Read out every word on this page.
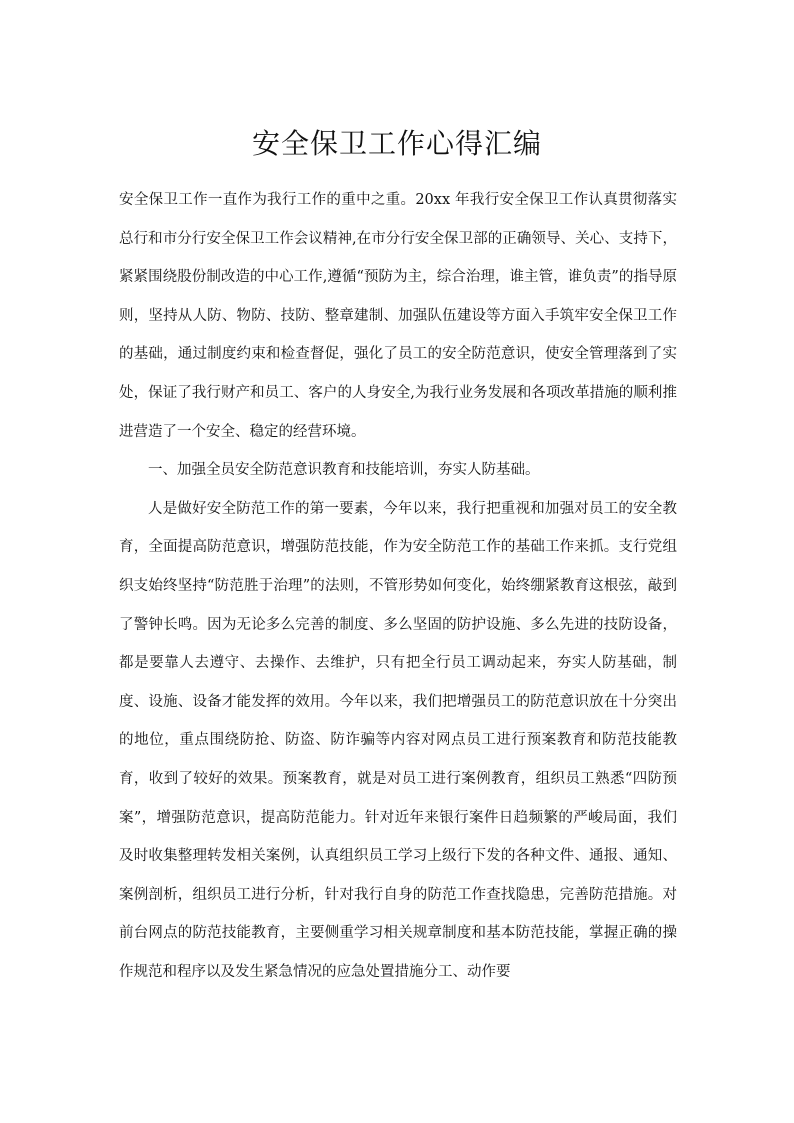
安全保卫工作心得汇编

安全保卫工作一直作为我行工作的重中之重。20xx 年我行安全保卫工作认真贯彻落实总行和市分行安全保卫工作会议精神,在市分行安全保卫部的正确领导、关心、支持下，紧紧围绕股份制改造的中心工作,遵循“预防为主，综合治理，谁主管，谁负责”的指导原则，坚持从人防、物防、技防、整章建制、加强队伍建设等方面入手筑牢安全保卫工作的基础，通过制度约束和检查督促，强化了员工的安全防范意识，使安全管理落到了实处，保证了我行财产和员工、客户的人身安全,为我行业务发展和各项改革措施的顺利推进营造了一个安全、稳定的经营环境。

一、加强全员安全防范意识教育和技能培训，夯实人防基础。

人是做好安全防范工作的第一要素，今年以来，我行把重视和加强对员工的安全教育，全面提高防范意识，增强防范技能，作为安全防范工作的基础工作来抓。支行党组织支始终坚持“防范胜于治理”的法则，不管形势如何变化，始终绷紧教育这根弦，敲到了警钟长鸣。因为无论多么完善的制度、多么坚固的防护设施、多么先进的技防设备，都是要靠人去遵守、去操作、去维护，只有把全行员工调动起来，夯实人防基础，制度、设施、设备才能发挥的效用。今年以来，我们把增强员工的防范意识放在十分突出的地位，重点围绕防抢、防盗、防诈骗等内容对网点员工进行预案教育和防范技能教育，收到了较好的效果。预案教育，就是对员工进行案例教育，组织员工熟悉“四防预案”，增强防范意识，提高防范能力。针对近年来银行案件日趋频繁的严峻局面，我们及时收集整理转发相关案例，认真组织员工学习上级行下发的各种文件、通报、通知、案例剖析，组织员工进行分析，针对我行自身的防范工作查找隐患，完善防范措施。对前台网点的防范技能教育，主要侧重学习相关规章制度和基本防范技能，掌握正确的操作规范和程序以及发生紧急情况的应急处置措施分工、动作要
